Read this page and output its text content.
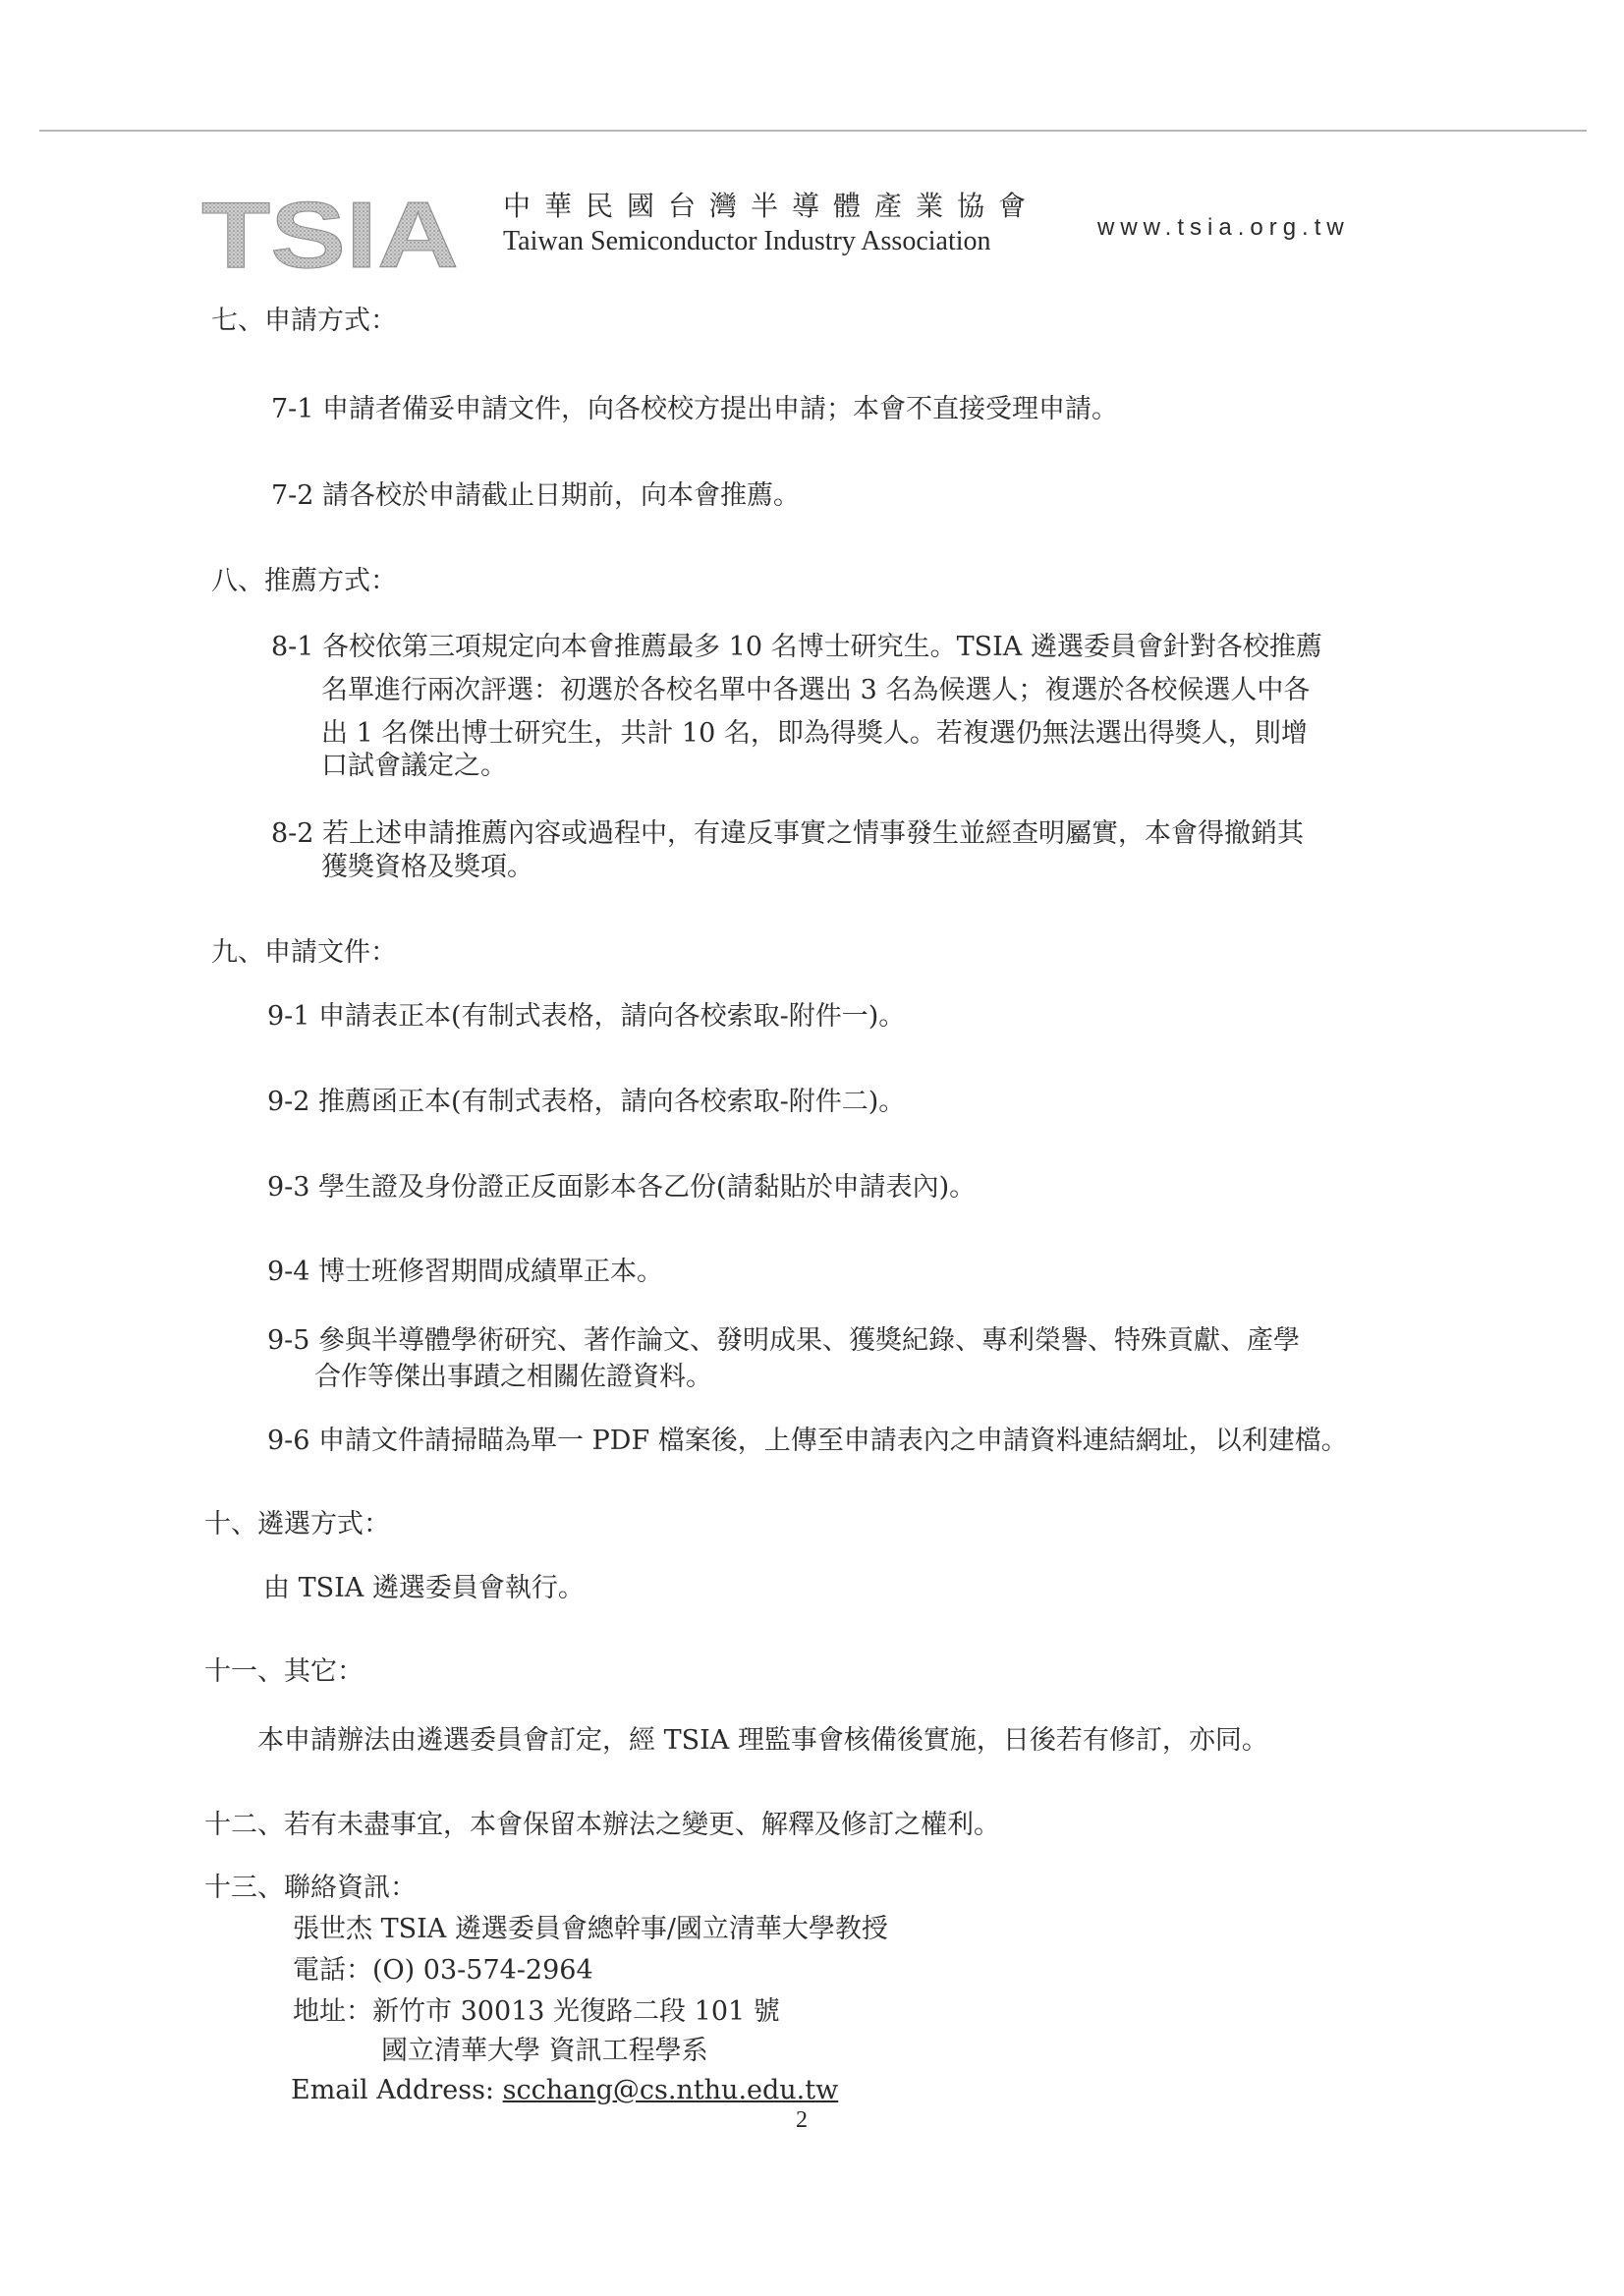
TSIA 中華民國台灣半導體產業協會
Taiwan Semiconductor Industry Association	www.tsia.org.tw
七、申請方式：
7-1 申請者備妥申請文件，向各校校方提出申請；本會不直接受理申請。
7-2 請各校於申請截止日期前，向本會推薦。
八、推薦方式：
8-1 各校依第三項規定向本會推薦最多 10 名博士研究生。TSIA 遴選委員會針對各校推薦
名單進行兩次評選：初選於各校名單中各選出 3 名為候選人；複選於各校候選人中各
出 1 名傑出博士研究生，共計 10 名，即為得獎人。若複選仍無法選出得獎人，則增
口試會議定之。
8-2 若上述申請推薦內容或過程中，有違反事實之情事發生並經查明屬實，本會得撤銷其
獲獎資格及獎項。
九、申請文件：
9-1 申請表正本(有制式表格，請向各校索取-附件一)。
9-2 推薦函正本(有制式表格，請向各校索取-附件二)。
9-3 學生證及身份證正反面影本各乙份(請黏貼於申請表內)。
9-4 博士班修習期間成績單正本。
9-5 參與半導體學術研究、著作論文、發明成果、獲獎紀錄、專利榮譽、特殊貢獻、產學
合作等傑出事蹟之相關佐證資料。
9-6 申請文件請掃瞄為單一 PDF 檔案後，上傳至申請表內之申請資料連結網址，以利建檔。
十、遴選方式：
由 TSIA 遴選委員會執行。
十一、其它：
本申請辦法由遴選委員會訂定，經 TSIA 理監事會核備後實施，日後若有修訂，亦同。
十二、若有未盡事宜，本會保留本辦法之變更、解釋及修訂之權利。
十三、聯絡資訊：
張世杰 TSIA 遴選委員會總幹事/國立清華大學教授
電話：(O) 03-574-2964
地址：新竹市 30013 光復路二段 101 號
國立清華大學 資訊工程學系
Email Address: scchang@cs.nthu.edu.tw
2
